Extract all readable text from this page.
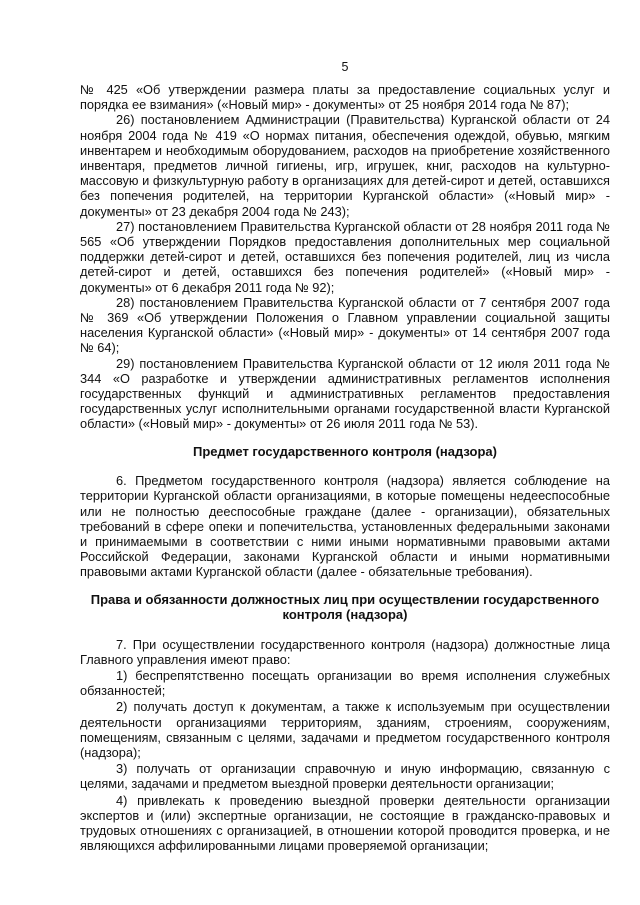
5

№ 425 «Об утверждении размера платы за предоставление социальных услуг и порядка ее взимания» («Новый мир» - документы» от 25 ноября 2014 года № 87);

26) постановлением Администрации (Правительства) Курганской области от 24 ноября 2004 года № 419 «О нормах питания, обеспечения одеждой, обувью, мягким инвентарем и необходимым оборудованием, расходов на приобретение хозяйственного инвентаря, предметов личной гигиены, игр, игрушек, книг, расходов на культурно-массовую и физкультурную работу в организациях для детей-сирот и детей, оставшихся без попечения родителей, на территории Курганской области» («Новый мир» - документы» от 23 декабря 2004 года № 243);

27) постановлением Правительства Курганской области от 28 ноября 2011 года № 565 «Об утверждении Порядков предоставления дополнительных мер социальной поддержки детей-сирот и детей, оставшихся без попечения родителей, лиц из числа детей-сирот и детей, оставшихся без попечения родителей» («Новый мир» - документы» от 6 декабря 2011 года № 92);

28) постановлением Правительства Курганской области от 7 сентября 2007 года № 369 «Об утверждении Положения о Главном управлении социальной защиты населения Курганской области» («Новый мир» - документы» от 14 сентября 2007 года № 64);

29) постановлением Правительства Курганской области от 12 июля 2011 года № 344 «О разработке и утверждении административных регламентов исполнения государственных функций и административных регламентов предоставления государственных услуг исполнительными органами государственной власти Курганской области» («Новый мир» - документы» от 26 июля 2011 года № 53).

Предмет государственного контроля (надзора)

6. Предметом государственного контроля (надзора) является соблюдение на территории Курганской области организациями, в которые помещены недееспособные или не полностью дееспособные граждане (далее - организации), обязательных требований в сфере опеки и попечительства, установленных федеральными законами и принимаемыми в соответствии с ними иными нормативными правовыми актами Российской Федерации, законами Курганской области и иными нормативными правовыми актами Курганской области (далее - обязательные требования).

Права и обязанности должностных лиц при осуществлении государственного контроля (надзора)

7. При осуществлении государственного контроля (надзора) должностные лица Главного управления имеют право:

1) беспрепятственно посещать организации во время исполнения служебных обязанностей;

2) получать доступ к документам, а также к используемым при осуществлении деятельности организациями территориям, зданиям, строениям, сооружениям, помещениям, связанным с целями, задачами и предметом государственного контроля (надзора);

3) получать от организации справочную и иную информацию, связанную с целями, задачами и предметом выездной проверки деятельности организации;

4) привлекать к проведению выездной проверки деятельности организации экспертов и (или) экспертные организации, не состоящие в гражданско-правовых и трудовых отношениях с организацией, в отношении которой проводится проверка, и не являющихся аффилированными лицами проверяемой организации;
